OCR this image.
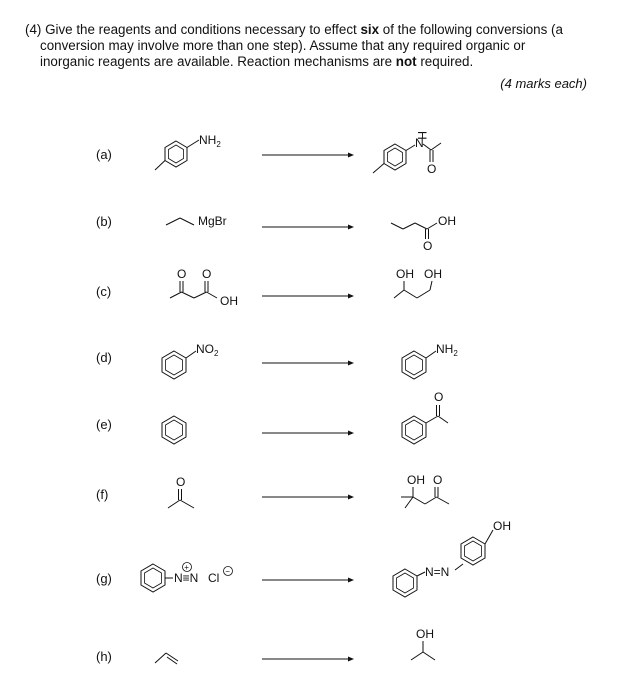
(4) Give the reagents and conditions necessary to effect six of the following conversions (a
conversion may involve more than one step). Assume that any required organic or
inorganic reagents are available. Reaction mechanisms are not required.
(4 marks each)
(a)
(b)
(c)
(d)
(e)
(f)
(g)
(h)
$NH_2$	N
H
O
MgBr	OH
O
O O
OH
OH OH
$NO_2$	$NH_2$
O
O	OH O
N≡N
+
Cl −	N=N
OH
OH
